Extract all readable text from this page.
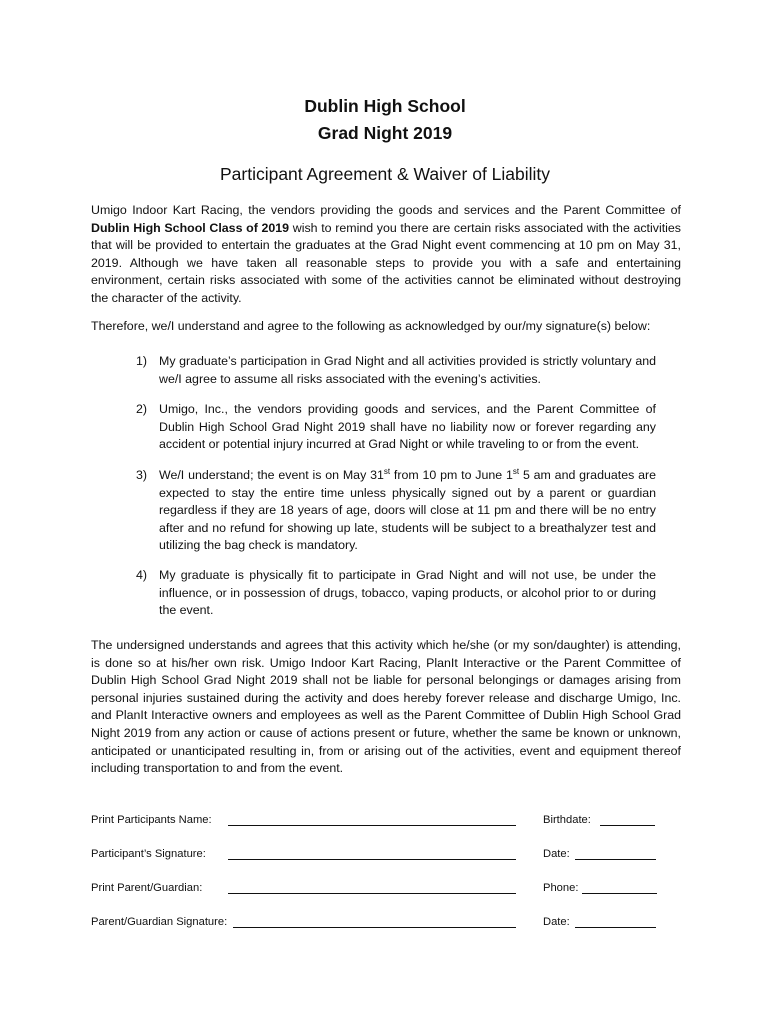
Dublin High School
Grad Night 2019
Participant Agreement & Waiver of Liability

Umigo Indoor Kart Racing, the vendors providing the goods and services and the Parent Committee of Dublin High School Class of 2019 wish to remind you there are certain risks associated with the activities that will be provided to entertain the graduates at the Grad Night event commencing at 10 pm on May 31, 2019. Although we have taken all reasonable steps to provide you with a safe and entertaining environment, certain risks associated with some of the activities cannot be eliminated without destroying the character of the activity.

Therefore, we/I understand and agree to the following as acknowledged by our/my signature(s) below:

1) My graduate’s participation in Grad Night and all activities provided is strictly voluntary and we/I agree to assume all risks associated with the evening’s activities.

2) Umigo, Inc., the vendors providing goods and services, and the Parent Committee of Dublin High School Grad Night 2019 shall have no liability now or forever regarding any accident or potential injury incurred at Grad Night or while traveling to or from the event.

3) We/I understand; the event is on May 31st from 10 pm to June 1st 5 am and graduates are expected to stay the entire time unless physically signed out by a parent or guardian regardless if they are 18 years of age, doors will close at 11 pm and there will be no entry after and no refund for showing up late, students will be subject to a breathalyzer test and utilizing the bag check is mandatory.

4) My graduate is physically fit to participate in Grad Night and will not use, be under the influence, or in possession of drugs, tobacco, vaping products, or alcohol prior to or during the event.

The undersigned understands and agrees that this activity which he/she (or my son/daughter) is attending, is done so at his/her own risk. Umigo Indoor Kart Racing, PlanIt Interactive or the Parent Committee of Dublin High School Grad Night 2019 shall not be liable for personal belongings or damages arising from personal injuries sustained during the activity and does hereby forever release and discharge Umigo, Inc. and PlanIt Interactive owners and employees as well as the Parent Committee of Dublin High School Grad Night 2019 from any action or cause of actions present or future, whether the same be known or unknown, anticipated or unanticipated resulting in, from or arising out of the activities, event and equipment thereof including transportation to and from the event.

Print Participants Name:	Birthdate:
Participant’s Signature:	Date:
Print Parent/Guardian:	Phone:
Parent/Guardian Signature:	Date:
